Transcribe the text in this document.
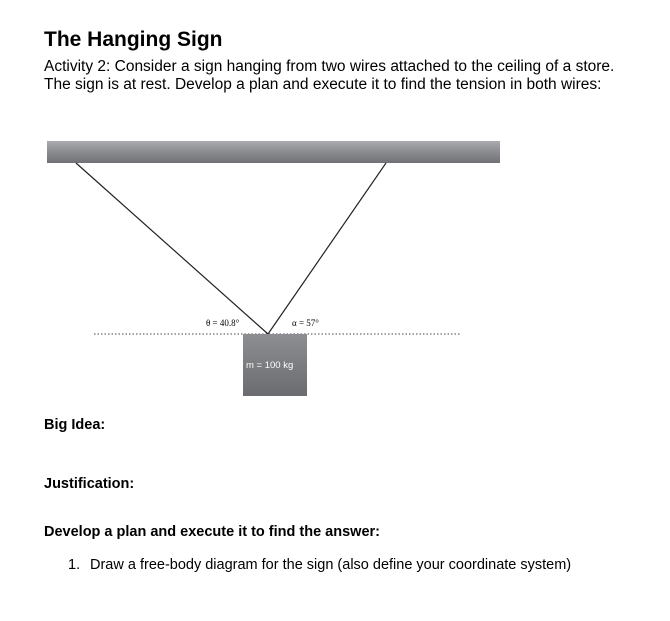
The Hanging Sign

Activity 2: Consider a sign hanging from two wires attached to the ceiling of a store. The sign is at rest. Develop a plan and execute it to find the tension in both wires:

θ = 40.8°	α = 57°
m = 100 kg

Big Idea:

Justification:

Develop a plan and execute it to find the answer:

1. Draw a free-body diagram for the sign (also define your coordinate system)
